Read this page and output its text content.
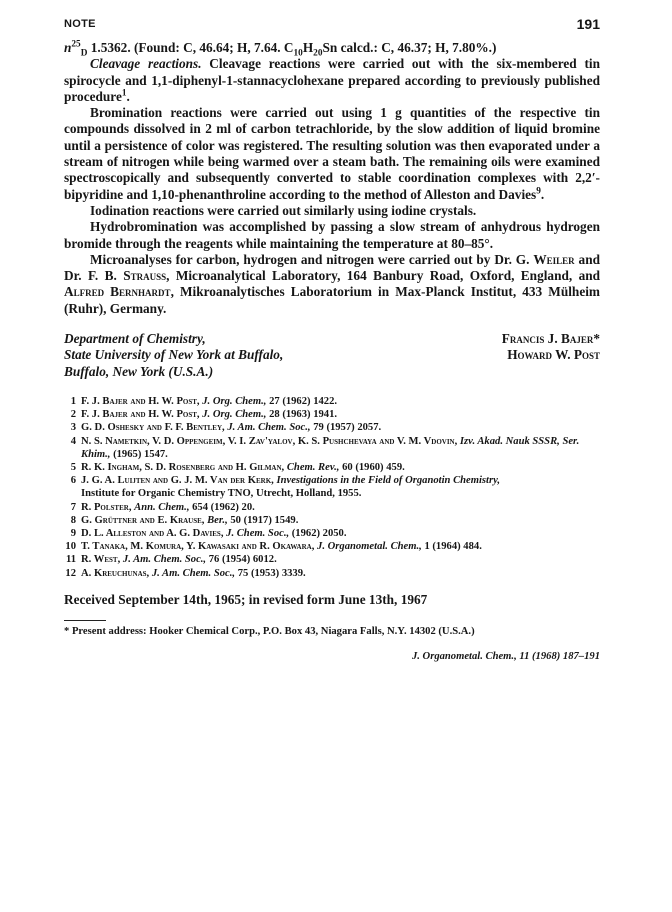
NOTE	191

$n^{25}_D$ 1.5362. (Found: C, 46.64; H, 7.64. $C_{10}H_{20}Sn$ calcd.: C, 46.37; H, 7.80%.)

Cleavage reactions. Cleavage reactions were carried out with the six-membered tin spirocycle and 1,1-diphenyl-1-stannacyclohexane prepared according to previously published procedure$^1$.

Bromination reactions were carried out using 1 g quantities of the respective tin compounds dissolved in 2 ml of carbon tetrachloride, by the slow addition of liquid bromine until a persistence of color was registered. The resulting solution was then evaporated under a stream of nitrogen while being warmed over a steam bath. The remaining oils were examined spectroscopically and subsequently converted to stable coordination complexes with 2,2′-bipyridine and 1,10-phenanthroline according to the method of Alleston and Davies$^9$.

Iodination reactions were carried out similarly using iodine crystals.

Hydrobromination was accomplished by passing a slow stream of anhydrous hydrogen bromide through the reagents while maintaining the temperature at 80–85°.

Microanalyses for carbon, hydrogen and nitrogen were carried out by Dr. G. Weiler and Dr. F. B. Strauss, Microanalytical Laboratory, 164 Banbury Road, Oxford, England, and Alfred Bernhardt, Mikroanalytisches Laboratorium in Max-Planck Institut, 433 Mülheim (Ruhr), Germany.

Department of Chemistry,
State University of New York at Buffalo,
Buffalo, New York (U.S.A.)
Francis J. Bajer*
Howard W. Post
1 F. J. Bajer and H. W. Post, J. Org. Chem., 27 (1962) 1422.
2 F. J. Bajer and H. W. Post, J. Org. Chem., 28 (1963) 1941.
3 G. D. Oshesky and F. F. Bentley, J. Am. Chem. Soc., 79 (1957) 2057.
4 N. S. Nametkin, V. D. Oppengeim, V. I. Zav'yalov, K. S. Pushchevaya and V. M. Vdovin, Izv. Akad. Nauk SSSR, Ser. Khim., (1965) 1547.
5 R. K. Ingham, S. D. Rosenberg and H. Gilman, Chem. Rev., 60 (1960) 459.
6 J. G. A. Luijten and G. J. M. Van der Kerk, Investigations in the Field of Organotin Chemistry,
Institute for Organic Chemistry TNO, Utrecht, Holland, 1955.
7 R. Polster, Ann. Chem., 654 (1962) 20.
8 G. Grüttner and E. Krause, Ber., 50 (1917) 1549.
9 D. L. Alleston and A. G. Davies, J. Chem. Soc., (1962) 2050.
10 T. Tanaka, M. Komura, Y. Kawasaki and R. Okawara, J. Organometal. Chem., 1 (1964) 484.
11 R. West, J. Am. Chem. Soc., 76 (1954) 6012.
12 A. Kreuchunas, J. Am. Chem. Soc., 75 (1953) 3339.
Received September 14th, 1965; in revised form June 13th, 1967
* Present address: Hooker Chemical Corp., P.O. Box 43, Niagara Falls, N.Y. 14302 (U.S.A.)
J. Organometal. Chem., 11 (1968) 187–191
